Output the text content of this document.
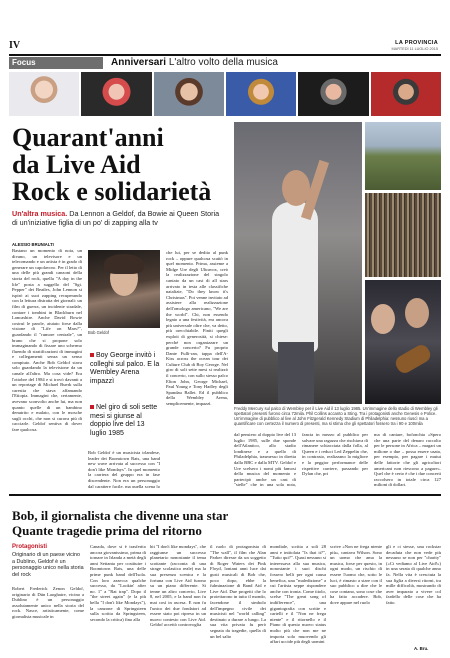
IV	LA PROVINCIA
MARTEDÌ 11 LUGLIO 2015
Focus	Anniversari L'altro volto della musica
Quarant'anni
da Live Aid
Rock e solidarietà
Un'altra musica. Da Lennon a Geldof, da Bowie ai Queen Storia di un'iniziative figlia di un po' di zapping alla tv
ALESSIO BRUNIALTI
Bastano un momento di noia, un divano, un televisore e un telecomando e un artista è in grado di generare un capolavoro. Per il letto di una delle più grandi canzoni della storia del rock, quella "A day in the life" posta a suggello del "Sgt. Pepper" dei Beatles, John Lennon si ispirò ai suoi zapping recuperando con la lettura distratta dei giornali: un film di guerra, un incidente stradale, contare i tombini in Blackburn nel Lancashire. Anche David Bowie costruì le parole, aiutato forse dalla visione di "Life on Mars?", guardando il "rumore centrale", un brano che si propone solo immaginando di fissare uno schermo fluendo di stratificazioni di immagini e collegamenti senza un senso compiuto. Anche Bob Geldof stava solo guardando la televisione da un canale all'altro. Ma cosa vide? Era l'ottobre del 1984 e si trovò davanti a un reportage di Michael Buerk sulla carestia che stava affamando l'Etiopia. Immagini che, certamente, avevano sconvolto anche lui, ma non quanto quelle di un bambino denutrito e malato, con le mosche sugli occhi, che non si curava più di cacciarle. Geldof sentiva di dover fare qualcosa.
Bob Geldof
Boy George invitò i colleghi sul palco. E la Wembley Arena impazzì
Nel giro di soli sette mesi si giunse al doppio live del 13 luglio 1985
Bob Geldof è un musicista irlandese, leader dei Boomtown Rats, una band new wave arrivata al successo con "I don't like Mondays". In quel momento la carriera del gruppo era in fase discendente. Non era un personaggio dal carattere facile, ma quella scena lo
che lui, per se dedito al punk rock – oppure qualcosa scattò in quel momento. Prima, assieme a Midge Ure degli Ultravox, creò la realizzazione del singolo cantato da un cast di all stars arrivato in testa alle classifiche natalizie, "Do they know it's Christmas". Poi venne invitato ad assistere alla realizzazione dell'omologo americano, "We are the world". Chi, non essendo legato a una festività, era ancora più universale oltre che, va detto, più orecchiabile. Finiti quegli exploit di generosità, si chiese: perché non organizzare un grande concerto? Fu proprio Dante Fulli-ran, tappa dell'A-Kiss across the ocean tour dei Culture Club di Boy George. Nel giro di soli sette mesi si realizzò il concerto, con sullo stesso palco Elton John, George Michael, Paul Young e Tony Hadley degli Spandau Ballet. Ed il pubblico della Wembley Arena, semplicemente, impazzì.
Freddy Mercury sul palco di Wembley per il Live Aid il 13 luglio 1985. Un'immagine dello stadio di Wembley gli spettatori presenti furono circa 72mila. Phil Collins accanto a Sting. Tra i protagonisti anche Genesis e Police. Un'immagine di pubblico al live al John Fitzgerald Kennedy Stadium di Philadelphia: nessuno riuscì ma a quantificare con certezza il numero di presenti, ma si stima che gli spettatori fossero tra i 90 e 100mila
dal pensiero al doppio live del 13 luglio 1985, sulle due sponde dell'Atlantico, allo stadio londinese e a quello di Philadelphia, trasmesso in diretta dalla BBC e dalla MTV. Geldof e Ure scelsero i nomi più famosi della musica del momento e partecipò anche un cast di "stelle" che in una sola nota,
fancia in mezzo al pubblico per salvare una ragazza che rischiava di rimanere schiacciata dalla folla, al Queen e i reduci Led Zeppelin che, in contrasto, realizzano la migliore e la peggior performance delle rispettive carriere, passando per Dylan che, pri
ma di cantare, bofonchia «Spero che una parte del denaro raccolto per le persone in Africa – magari un milione o due – possa essere usata, per esempio, per pagare i mutui delle fattorie che gli agricoltori americani non riescono a pagare». Quel che è certo è che i due concerti raccolsero in totale circa 127 milioni di dollari.
Bob, il giornalista che divenne una star
Quante tragedie prima del ritorno
Protagonisti
Originario di un paese vicino a Dublino, Geldof è un personaggio unico nella storia del rock
Robert Frederick Zenon Geldof, originario di Dún Laoghaire, vicino a Dublino è un personaggio assolutamente unico nella storia del rock. Nasce, artisticamente, come giornalista musicale in
Canada, dove si è trasferito ancora giovanissimo, prima di tornare in Irlanda a metà degli anni Settanta per costituire i Boomtown Rats, una delle prime punk band dell'Isola. Con loro azzecca qualche successo, da "Lookin' after no. 1" a "Rat trap". Dopo il "the street again" (e la più bella "I don't like Mondays"), la canzone di Springsteen sulla scritta da Springsteen, secondo la critica) fino alla
hit "I don't like mondays", che raggiunse un successo planetario nonostante il tema scottante (racconta di una strage scolastica reale) ma la sua presenza scenica e la fortuna con Live Aid furono su un piano differente. Si tenne un altro concerto, Live 8, nel 2005, e la band non fu mai così in ascesa. E non fu l'unico dei due fondatori ad essere stato poi ripreso in un nuovo contesto con Live Aid. Geldof accettò controvoglia
il ruolo di protagonista di "The wall", il film che Alan Parker diresse da un soggetto di Roger Waters dei Pink Floyd, lontani anni luce dai gusti musicali di Bob che, poco dopo, ebbe la fulminazione di Band Aid e Live Aid. Due progetti che lo proiettarono in tutto il mondo, facendone il simbolo dell'impegno civile dei musicisti nel "world calling" destinato a durare a lungo. La sua vita privata fu però segnata da tragedie, quella di un bel salto
mondiale, scritta a soli 28 anni e intitolata "Is that it?", "Tutto qui?". Quasi nessuno si interessava alla sua musica, nonostante i suoi dischi fossero belli per ogni causa benefica, una "maledizione" a cui l'artista seppe rispondere anche con ironia. Come titolo, scelse "The great song of indifference", una gigantografia con scritte e cartelli e il "Non ne frega niente" e il ritornello e il Piano di questo nuovo status molto più che non me ne importa solo muovendo gli affari uccide più degli uomini
scrive «Non ne frega niente più», cantava Wilson. Sono un uomo che ama la musica, forse per questo, in ogni modo, un rischio di essere l'uomo che, sotto le luci, è rimasto a stare con il suo pubblico a dire che le cose contano, sono cose che ha fatto accadere. Bob, dove appare nel ruolo
gli e ci stesse, una rockstar decaduta che non vede più nessuno se non per "charity" («Ci vediamo al Live Aid!») in una serata di qualche anno fa. Nella vita è cresciuta la sua figlia a diversi ritorni, tra mille difficoltà, mostrando di aver imparato a vivere col fardello delle cose che ha fatto.
A. Bru.
